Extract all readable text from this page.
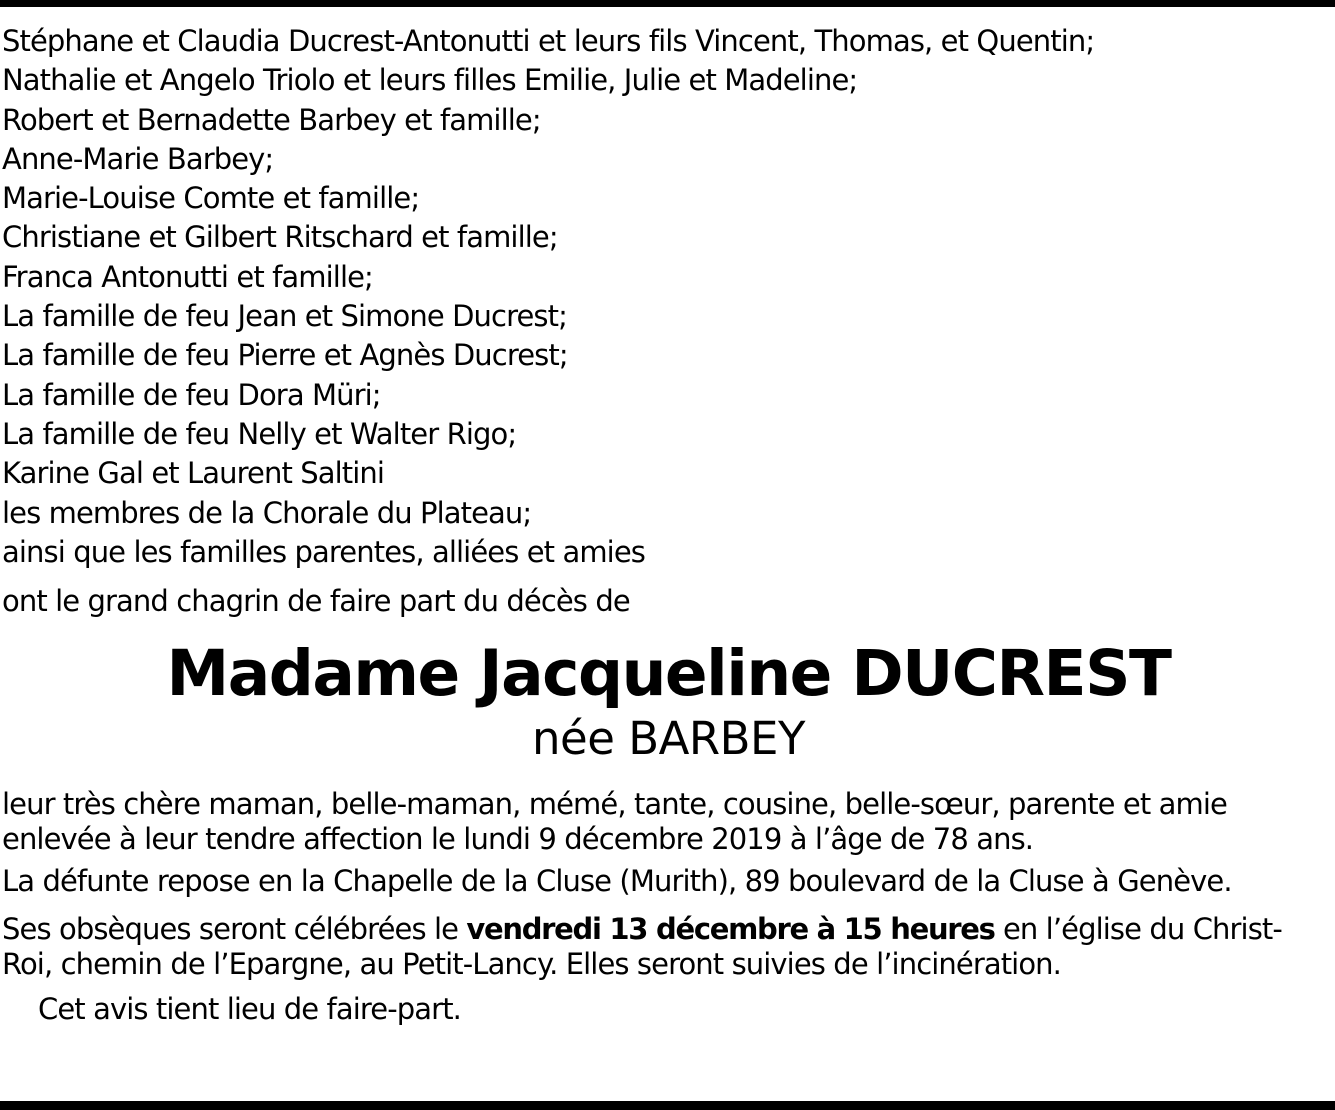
Stéphane et Claudia Ducrest-Antonutti et leurs fils Vincent, Thomas, et Quentin;
Nathalie et Angelo Triolo et leurs filles Emilie, Julie et Madeline;
Robert et Bernadette Barbey et famille;
Anne-Marie Barbey;
Marie-Louise Comte et famille;
Christiane et Gilbert Ritschard et famille;
Franca Antonutti et famille;
La famille de feu Jean et Simone Ducrest;
La famille de feu Pierre et Agnès Ducrest;
La famille de feu Dora Müri;
La famille de feu Nelly et Walter Rigo;
Karine Gal et Laurent Saltini
les membres de la Chorale du Plateau;
ainsi que les familles parentes, alliées et amies
ont le grand chagrin de faire part du décès de
Madame Jacqueline DUCREST
née BARBEY
leur très chère maman, belle-maman, mémé, tante, cousine, belle-sœur, parente et amie
enlevée à leur tendre affection le lundi 9 décembre 2019 à l’âge de 78 ans.
La défunte repose en la Chapelle de la Cluse (Murith), 89 boulevard de la Cluse à Genève.
Ses obsèques seront célébrées le vendredi 13 décembre à 15 heures en l’église du Christ-
Roi, chemin de l’Epargne, au Petit-Lancy. Elles seront suivies de l’incinération.
Cet avis tient lieu de faire-part.
